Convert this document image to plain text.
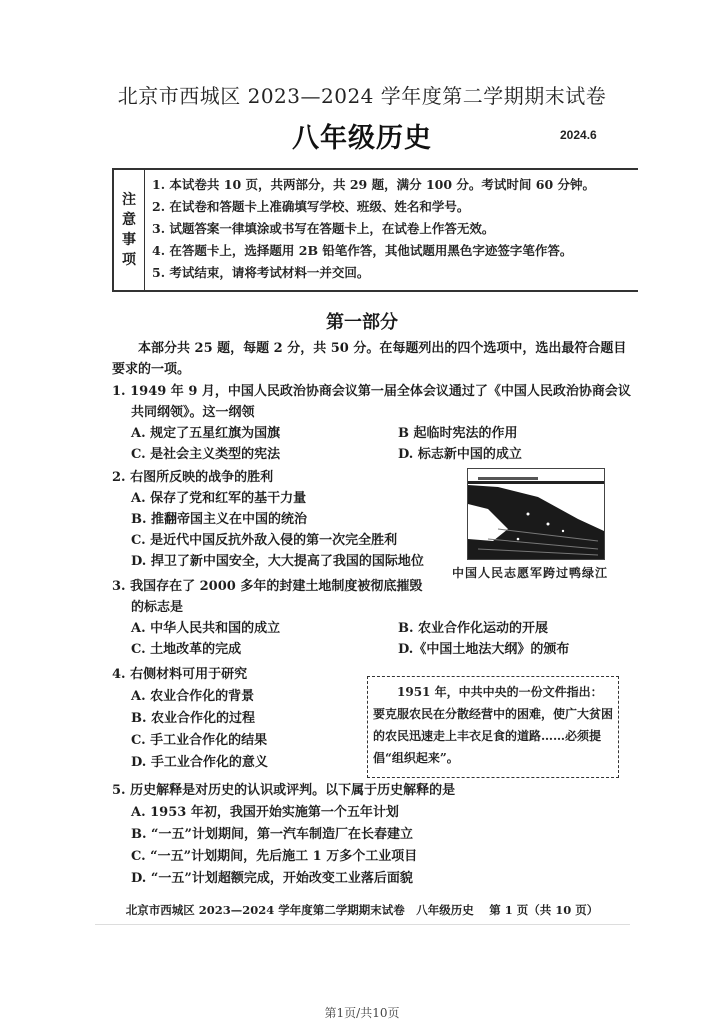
北京市西城区 2023—2024 学年度第二学期期末试卷
八年级历史	2024.6
注
意
事
项
1. 本试卷共 10 页，共两部分，共 29 题，满分 100 分。考试时间 60 分钟。
2. 在试卷和答题卡上准确填写学校、班级、姓名和学号。
3. 试题答案一律填涂或书写在答题卡上，在试卷上作答无效。
4. 在答题卡上，选择题用 2B 铅笔作答，其他试题用黑色字迹签字笔作答。
5. 考试结束，请将考试材料一并交回。
第一部分
本部分共 25 题，每题 2 分，共 50 分。在每题列出的四个选项中，选出最符合题目要求的一项。
1. 1949 年 9 月，中国人民政治协商会议第一届全体会议通过了《中国人民政治协商会议
共同纲领》。这一纲领
A. 规定了五星红旗为国旗	B 起临时宪法的作用
C. 是社会主义类型的宪法	D. 标志新中国的成立
2. 右图所反映的战争的胜利
A. 保存了党和红军的基干力量
B. 推翻帝国主义在中国的统治
C. 是近代中国反抗外敌入侵的第一次完全胜利
D. 捍卫了新中国安全，大大提高了我国的国际地位
中国人民志愿军跨过鸭绿江
3. 我国存在了 2000 多年的封建土地制度被彻底摧毁
的标志是
A. 中华人民共和国的成立	B. 农业合作化运动的开展
C. 土地改革的完成	D.《中国土地法大纲》的颁布
4. 右侧材料可用于研究
A. 农业合作化的背景
B. 农业合作化的过程
C. 手工业合作化的结果
D. 手工业合作化的意义
1951 年，中共中央的一份文件指出：
要克服农民在分散经营中的困难，使广大贫困的农民迅速走上丰衣足食的道路……必须提倡“组织起来”。
5. 历史解释是对历史的认识或评判。以下属于历史解释的是
A. 1953 年初，我国开始实施第一个五年计划
B. “一五”计划期间，第一汽车制造厂在长春建立
C. “一五”计划期间，先后施工 1 万多个工业项目
D. “一五”计划超额完成，开始改变工业落后面貌
北京市西城区 2023—2024 学年度第二学期期末试卷　八年级历史　 第 1 页（共 10 页）
第1页/共10页
